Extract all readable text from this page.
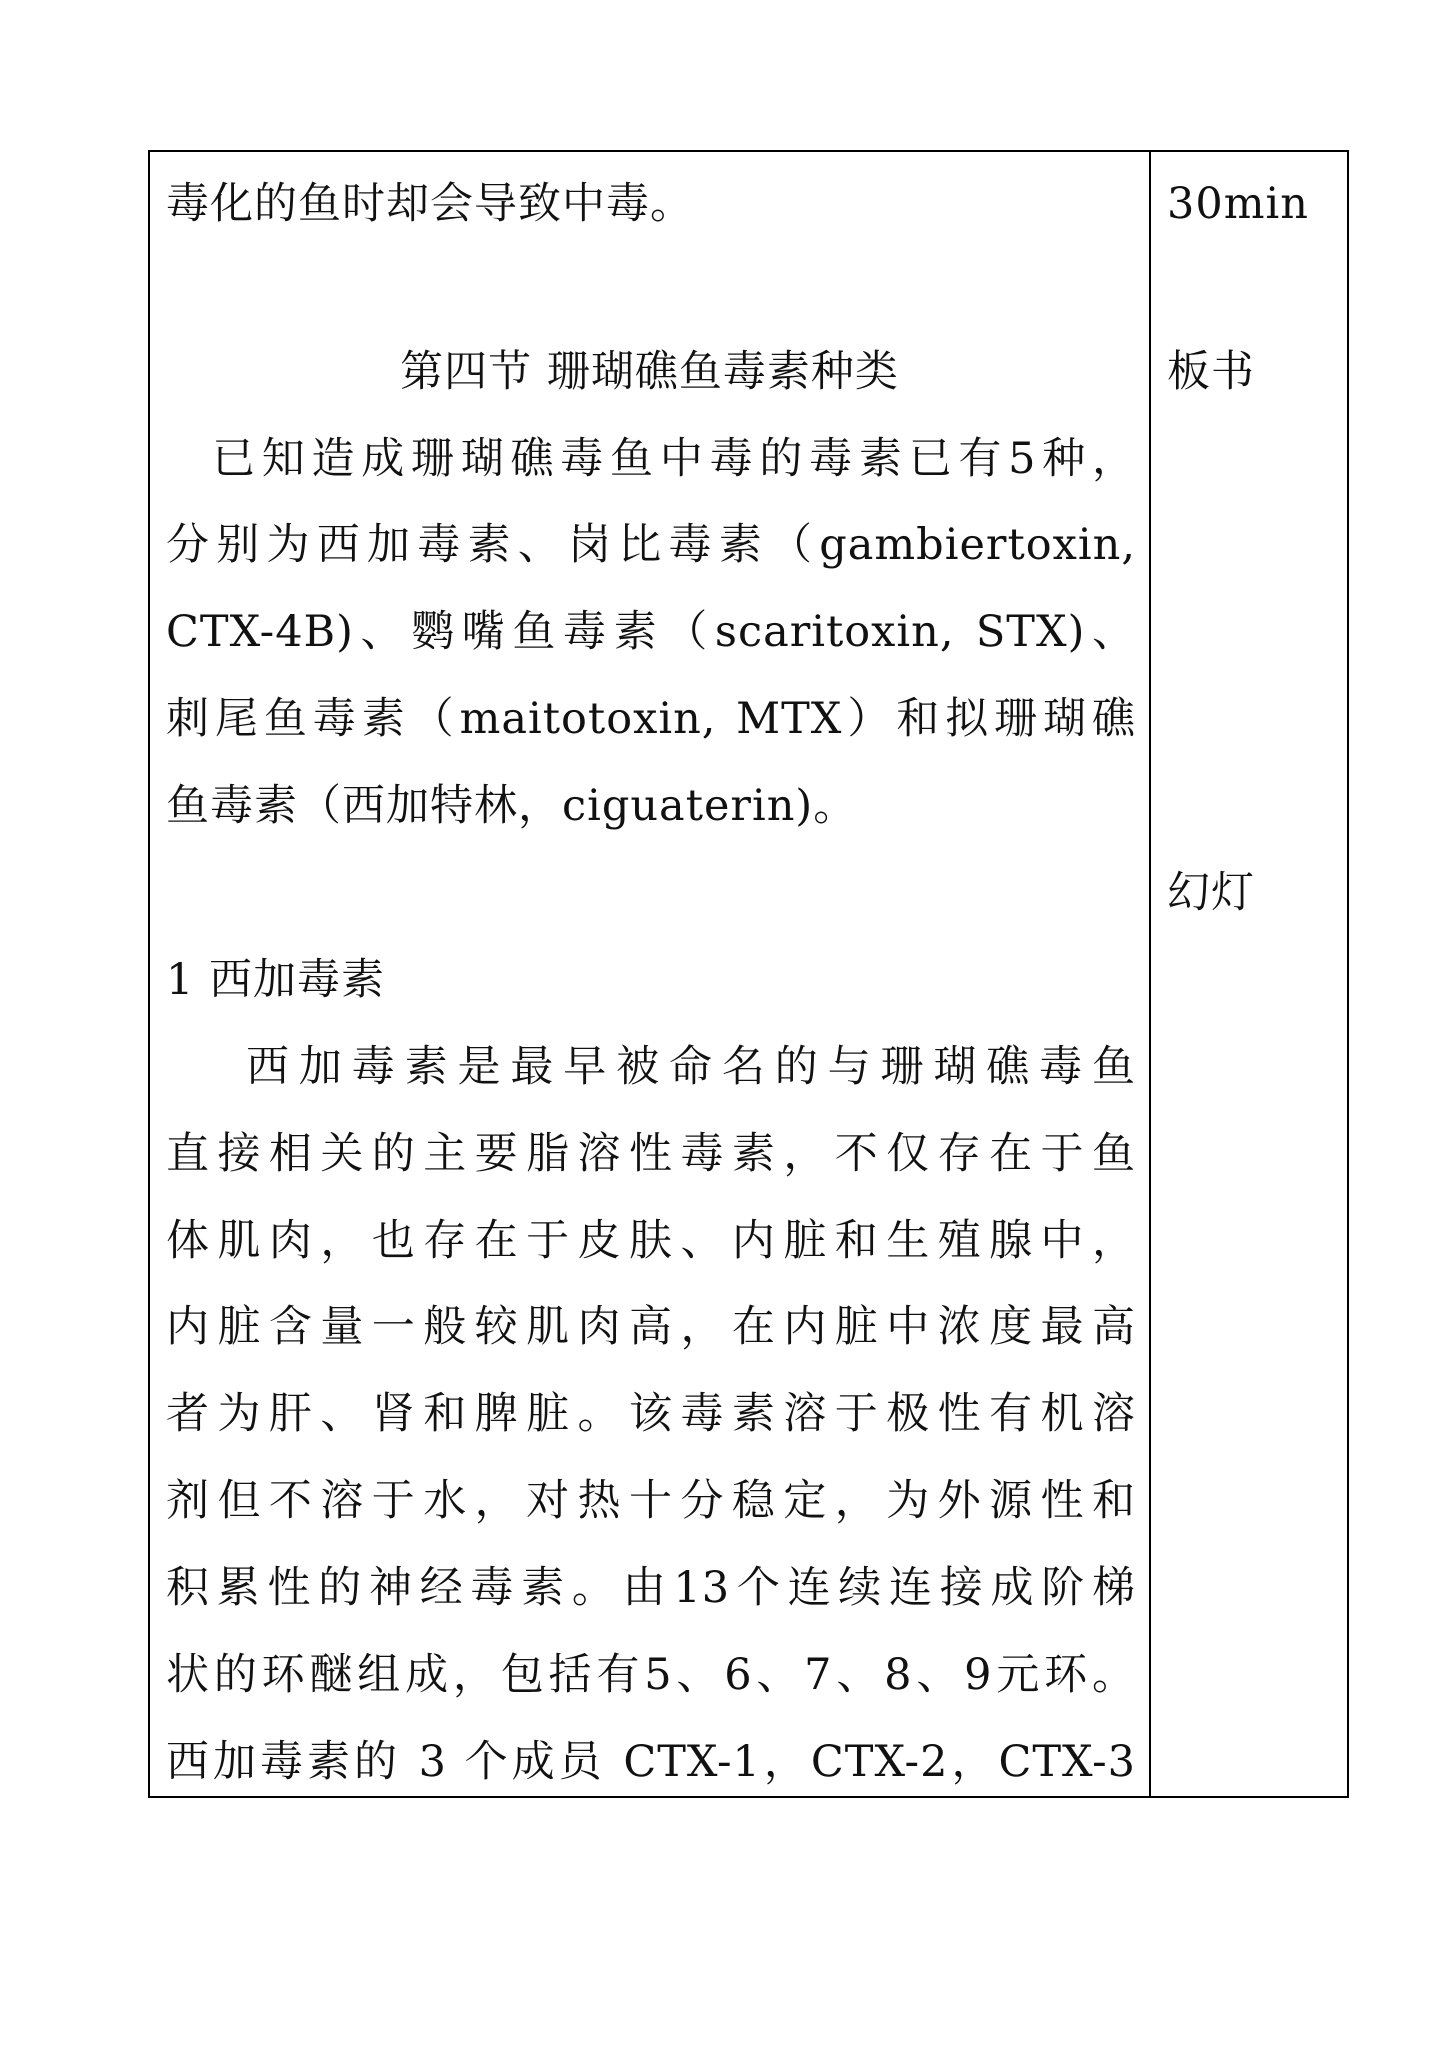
毒化的鱼时却会导致中毒。
第四节 珊瑚礁鱼毒素种类
已知造成珊瑚礁毒鱼中毒的毒素已有5种，
分别为西加毒素、岗比毒素（gambiertoxin,
CTX-4B)、鹦嘴鱼毒素（scaritoxin, STX)、
刺尾鱼毒素（maitotoxin, MTX）和拟珊瑚礁
鱼毒素（西加特林，ciguaterin)。
1 西加毒素
西加毒素是最早被命名的与珊瑚礁毒鱼
直接相关的主要脂溶性毒素，不仅存在于鱼
体肌肉，也存在于皮肤、内脏和生殖腺中，
内脏含量一般较肌肉高，在内脏中浓度最高
者为肝、肾和脾脏。该毒素溶于极性有机溶
剂但不溶于水，对热十分稳定，为外源性和
积累性的神经毒素。由13个连续连接成阶梯
状的环醚组成，包括有5、6、7、8、9元环。
西加毒素的 3 个成员 CTX-1，CTX-2，CTX-3
30min
板书
幻灯
